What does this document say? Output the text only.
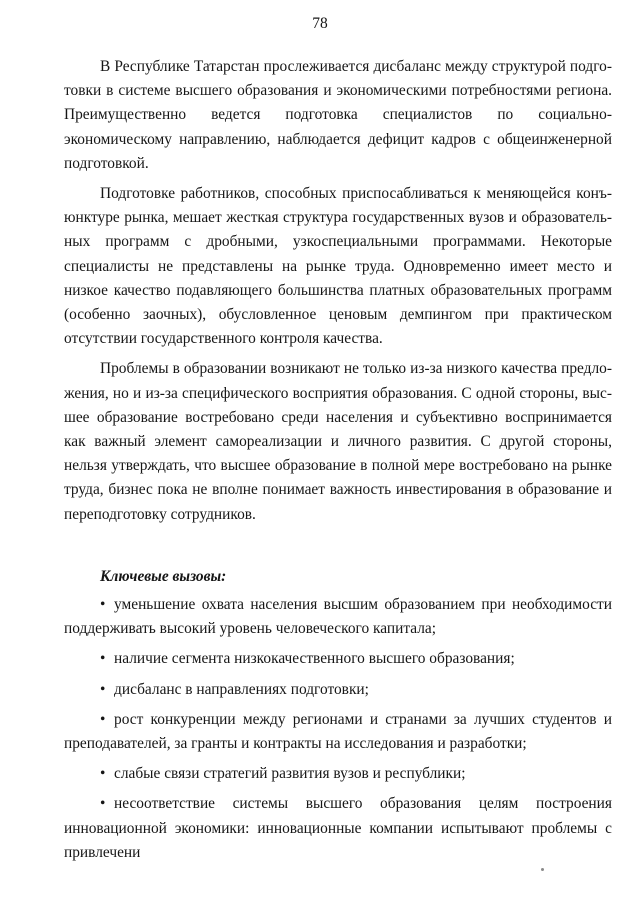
78

В Республике Татарстан прослеживается дисбаланс между структурой подготовки в системе высшего образования и экономическими потребностями региона. Преимущественно ведется подготовка специалистов по социально-экономическому направлению, наблюдается дефицит кадров с общеинженерной подготовкой.

Подготовке работников, способных приспосабливаться к меняющейся конъюнктуре рынка, мешает жесткая структура государственных вузов и образовательных программ с дробными, узкоспециальными программами. Некоторые специалисты не представлены на рынке труда. Одновременно имеет место и низкое качество подавляющего большинства платных образовательных программ (особенно заочных), обусловленное ценовым демпингом при практическом отсутствии государственного контроля качества.

Проблемы в образовании возникают не только из-за низкого качества предложения, но и из-за специфического восприятия образования. С одной стороны, высшее образование востребовано среди населения и субъективно воспринимается как важный элемент самореализации и личного развития. С другой стороны, нельзя утверждать, что высшее образование в полной мере востребовано на рынке труда, бизнес пока не вполне понимает важность инвестирования в образование и переподготовку сотрудников.

Ключевые вызовы:
• уменьшение охвата населения высшим образованием при необходимости поддерживать высокий уровень человеческого капитала;
• наличие сегмента низкокачественного высшего образования;
• дисбаланс в направлениях подготовки;
• рост конкуренции между регионами и странами за лучших студентов и преподавателей, за гранты и контракты на исследования и разработки;
• слабые связи стратегий развития вузов и республики;
• несоответствие системы высшего образования целям построения инновационной экономики: инновационные компании испытывают проблемы с привлечени
